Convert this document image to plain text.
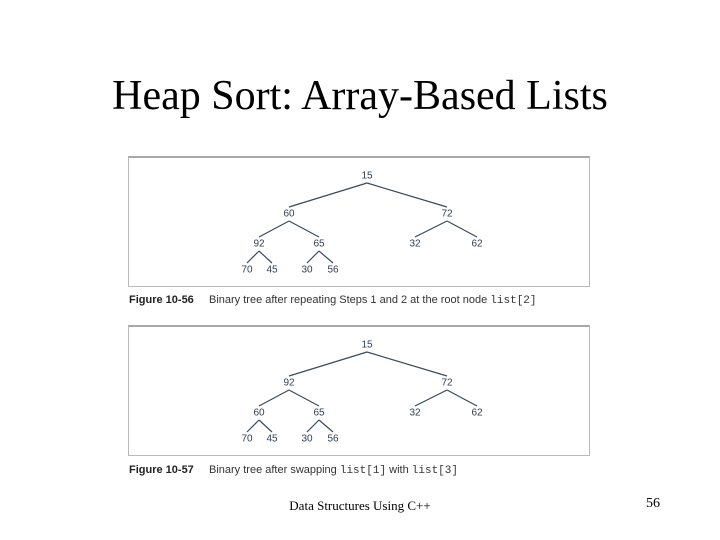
Heap Sort: Array-Based Lists
15
60	72
92	65	32	62
70 45 30 56
Figure 10-56 Binary tree after repeating Steps 1 and 2 at the root node list[2]
15
92	72
60	65	32	62
70 45 30 56
Figure 10-57 Binary tree after swapping list[1] with list[3]
Data Structures Using C++	56
